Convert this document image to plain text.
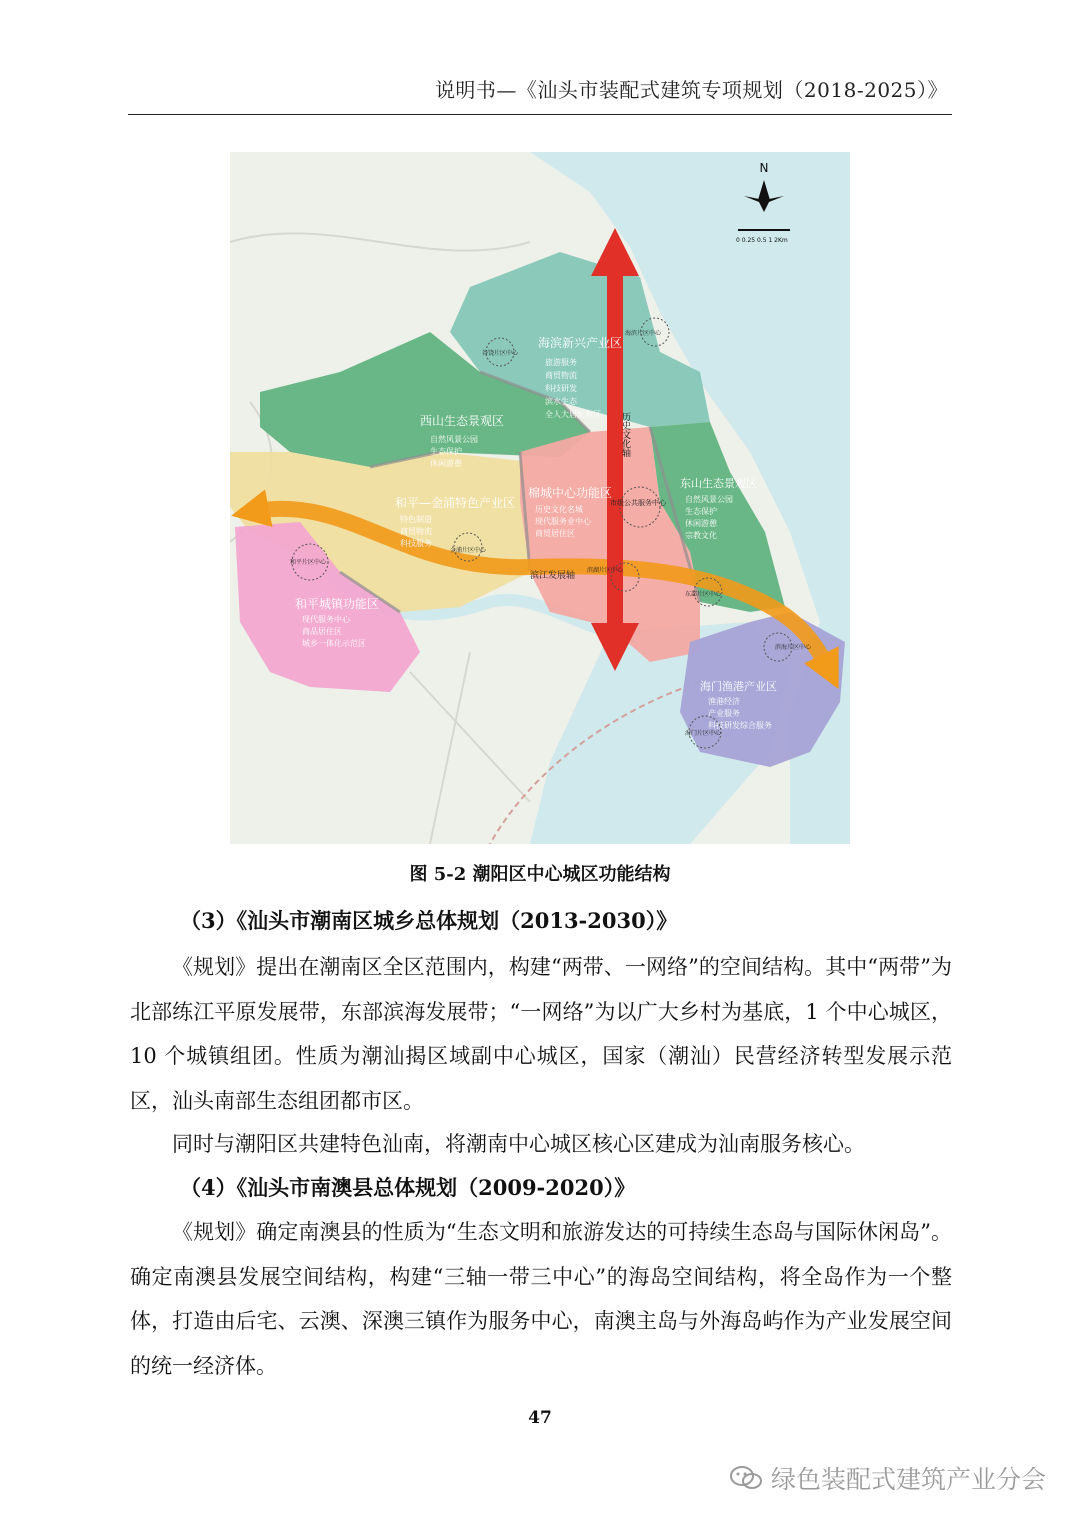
说明书—《汕头市装配式建筑专项规划（2018-2025）》
N
0 0.25 0.5 1 2Km
历史文化轴
滨江发展轴
海滨新兴产业区
旅游服务
商贸物流
科技研发
滨水生态
全人大居配套区
西山生态景观区
自然风景公园
生态保护
休闲游憩
东山生态景观区
自然风景公园
生态保护
休闲游憩
宗教文化
和平—金浦特色产业区
特色制造
商贸物流
科技服务
棉城中心功能区
历史文化名城
现代服务业中心
商贸居住区
和平城镇功能区
现代服务中心
商品居住区
城乡一体化示范区
海门渔港产业区
渔港经济
产业服务
科技研发综合服务
谷饶片区中心
海滨片区中心
市级公共服务中心
金浦片区中心
和平片区中心
滨湖片区中心
东部片区中心
滨海片区中心
海门片区中心
图 5-2 潮阳区中心城区功能结构
（3）《汕头市潮南区城乡总体规划（2013-2030）》
《规划》提出在潮南区全区范围内，构建“两带、一网络”的空间结构。其中“两带”为北部练江平原发展带，东部滨海发展带；“一网络”为以广大乡村为基底，1 个中心城区，10 个城镇组团。性质为潮汕揭区域副中心城区，国家（潮汕）民营经济转型发展示范区，汕头南部生态组团都市区。
同时与潮阳区共建特色汕南，将潮南中心城区核心区建成为汕南服务核心。
（4）《汕头市南澳县总体规划（2009-2020）》
《规划》确定南澳县的性质为“生态文明和旅游发达的可持续生态岛与国际休闲岛”。确定南澳县发展空间结构，构建“三轴一带三中心”的海岛空间结构，将全岛作为一个整体，打造由后宅、云澳、深澳三镇作为服务中心，南澳主岛与外海岛屿作为产业发展空间的统一经济体。
47
绿色装配式建筑产业分会
